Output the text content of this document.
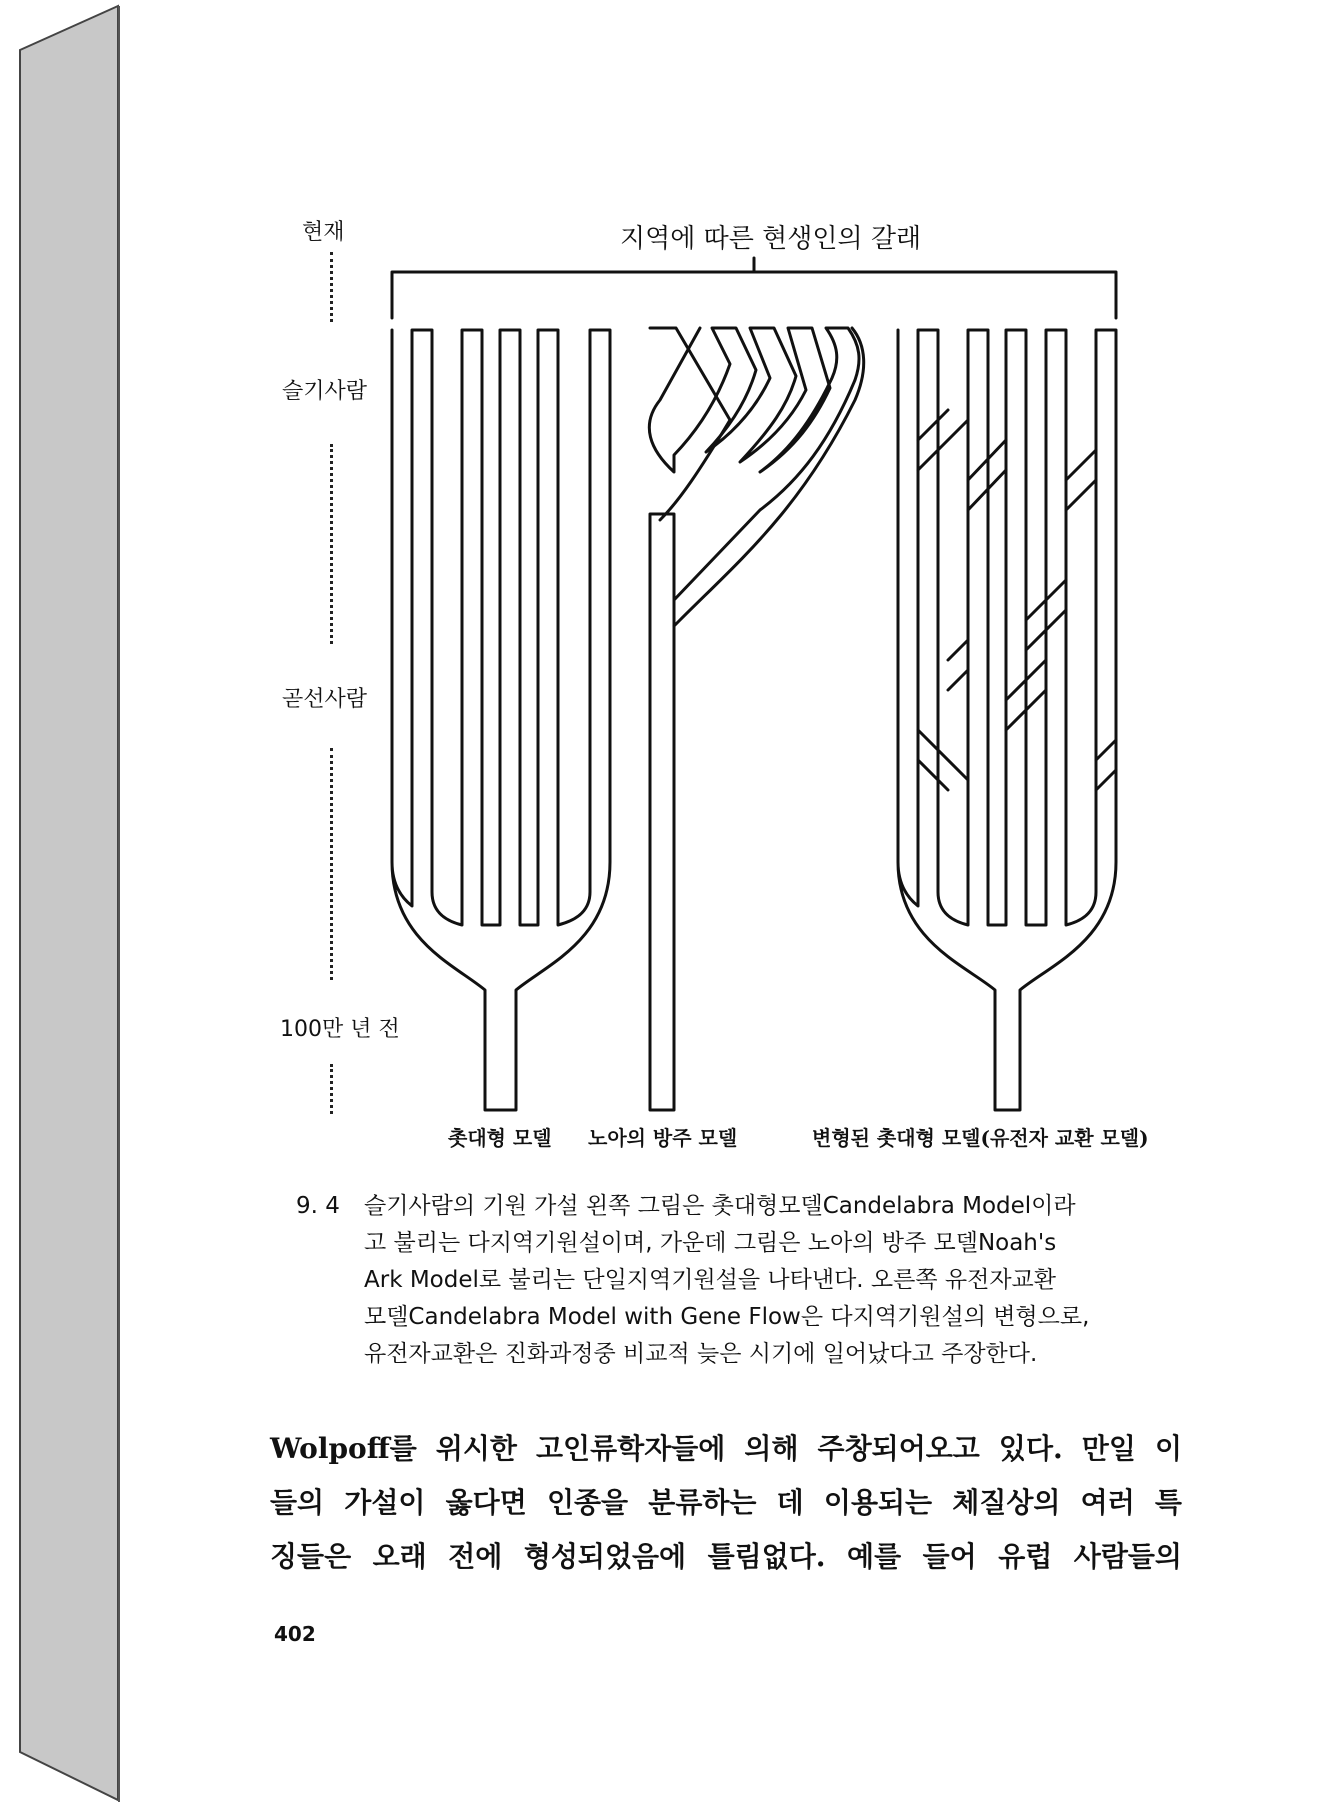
현재
슬기사람
곧선사람
100만 년 전
지역에 따른 현생인의 갈래
촛대형 모델 노아의 방주 모델	변형된 촛대형 모델(유전자 교환 모델)
9. 4	슬기사람의 기원 가설 왼쪽 그림은 촛대형모델Candelabra Model이라
고 불리는 다지역기원설이며, 가운데 그림은 노아의 방주 모델Noah's
Ark Model로 불리는 단일지역기원설을 나타낸다. 오른쪽 유전자교환
모델Candelabra Model with Gene Flow은 다지역기원설의 변형으로,
유전자교환은 진화과정중 비교적 늦은 시기에 일어났다고 주장한다.
Wolpoff를 위시한 고인류학자들에 의해 주창되어오고 있다. 만일 이
들의 가설이 옳다면 인종을 분류하는 데 이용되는 체질상의 여러 특
징들은 오래 전에 형성되었음에 틀림없다. 예를 들어 유럽 사람들의
402
